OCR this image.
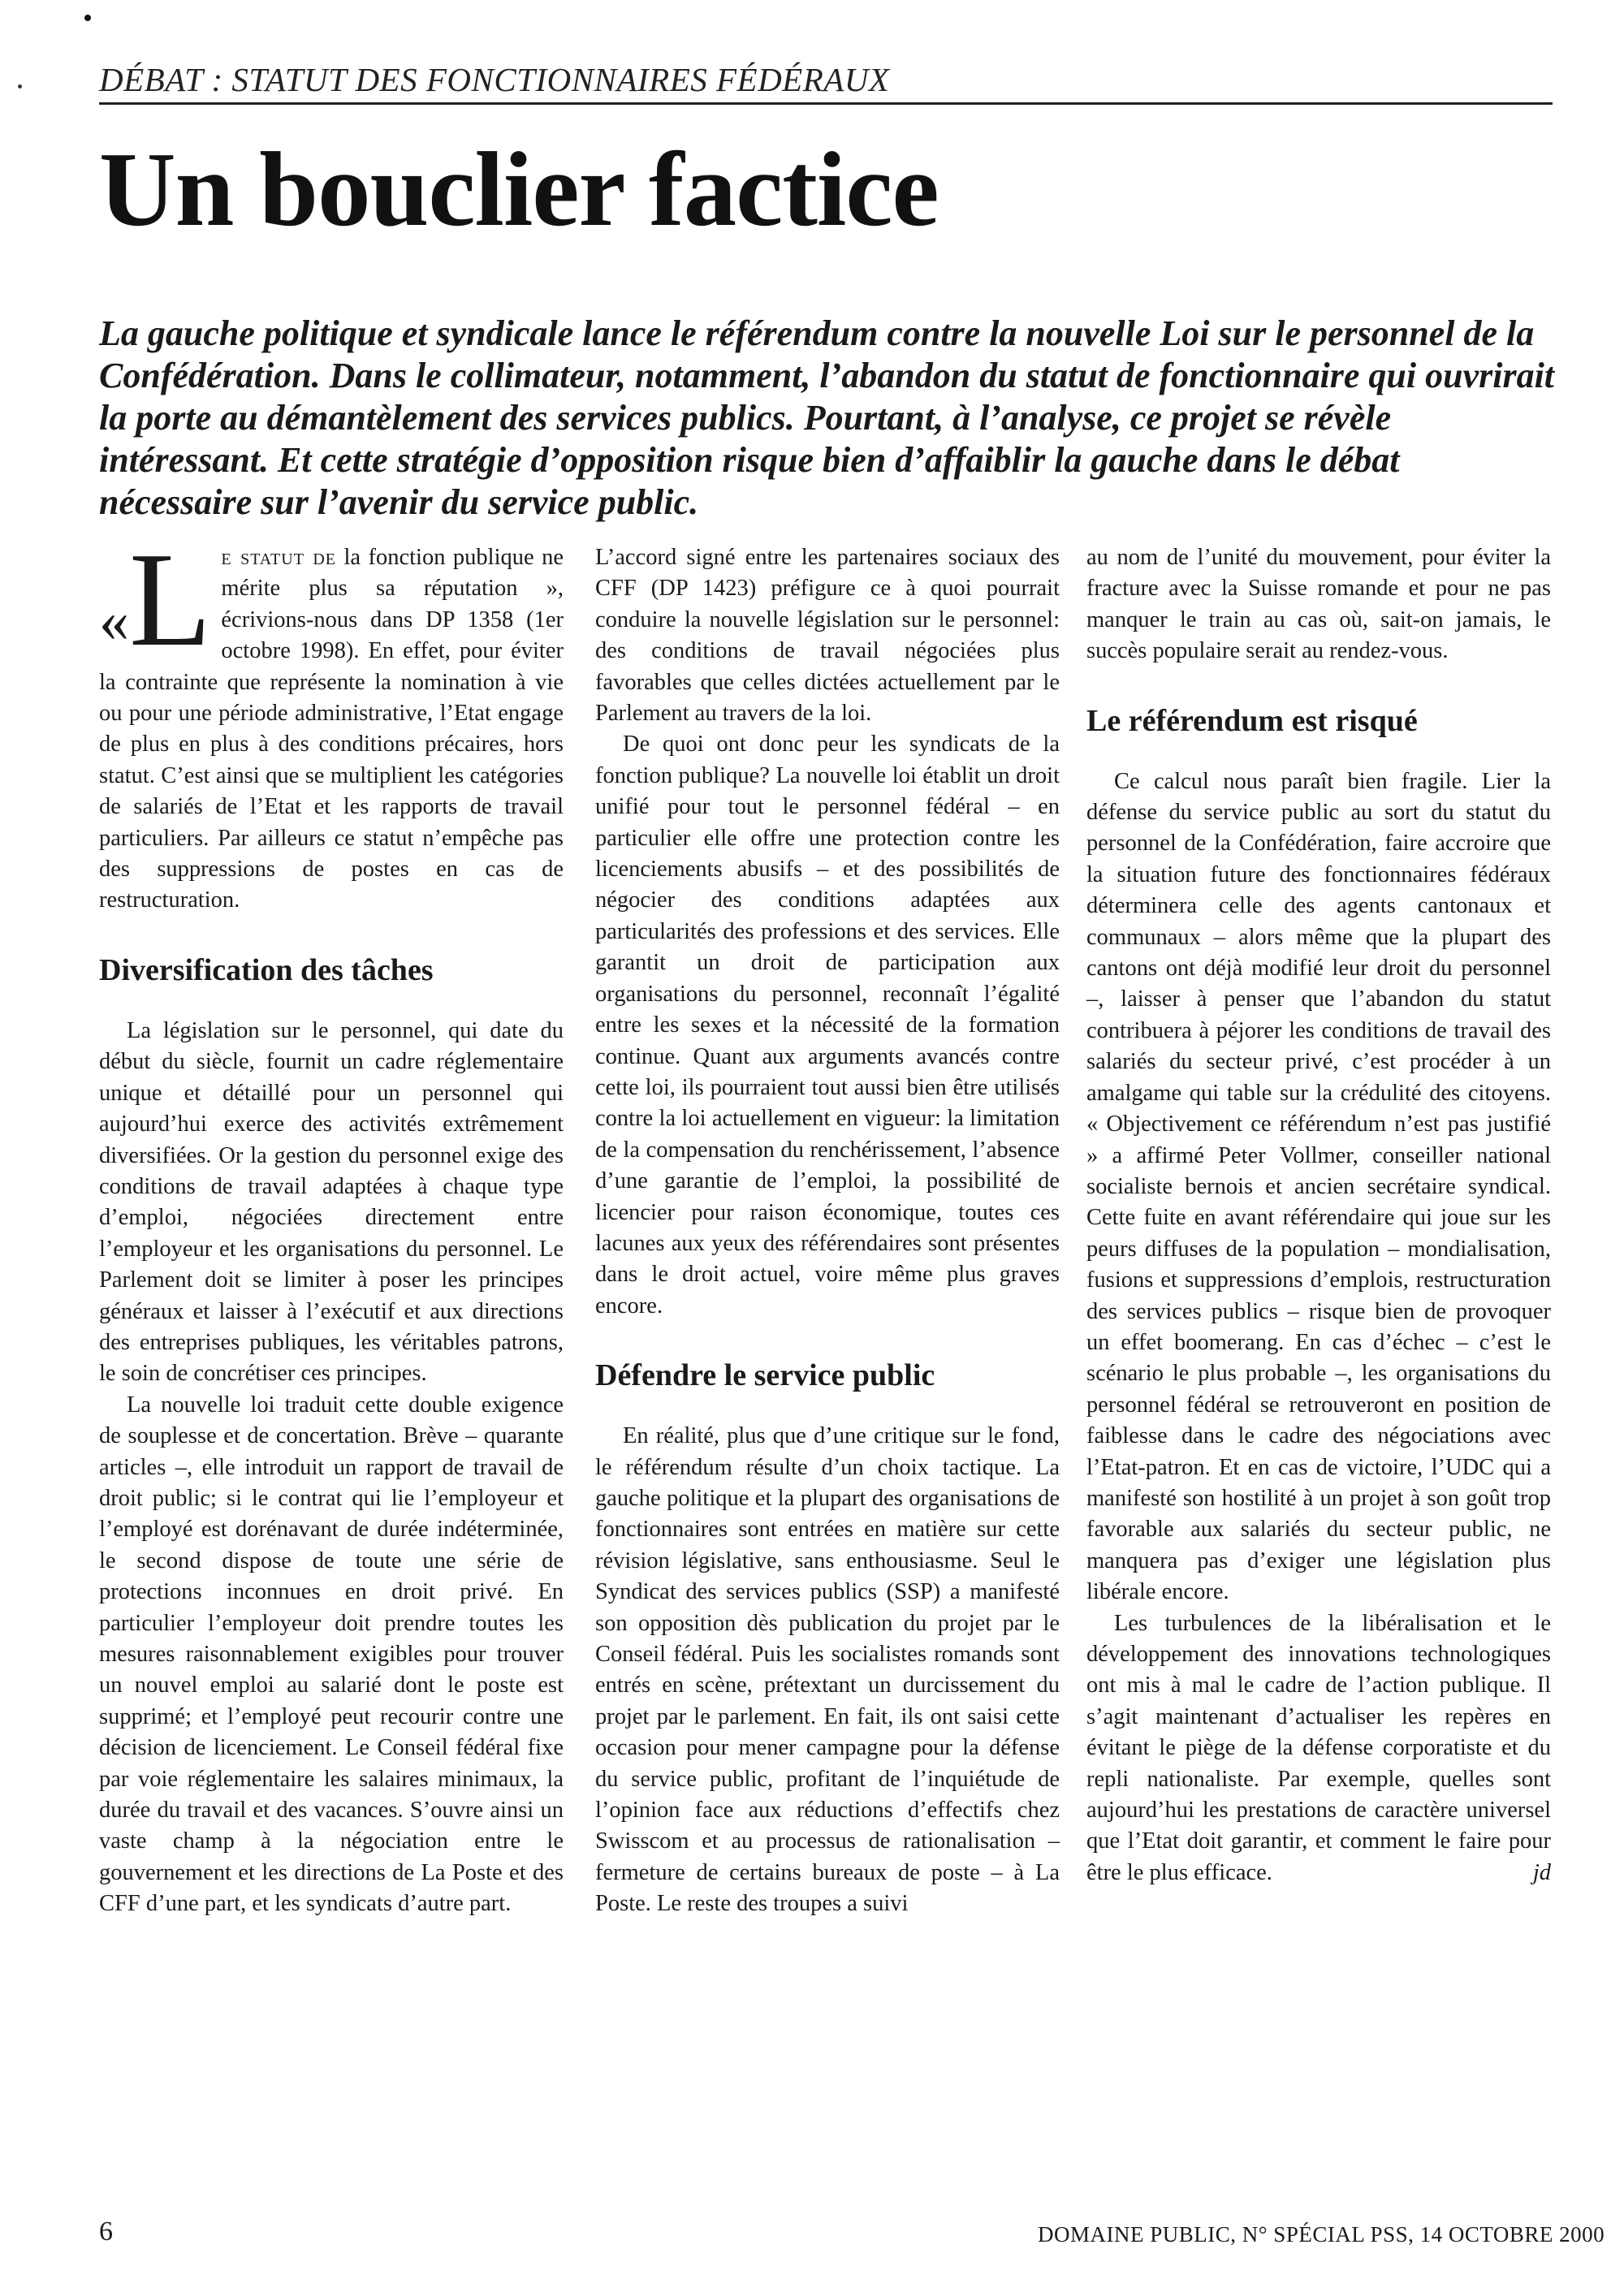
DÉBAT : STATUT DES FONCTIONNAIRES FÉDÉRAUX
Un bouclier factice

La gauche politique et syndicale lance le référendum contre la nouvelle Loi sur le personnel de la Confédération. Dans le collimateur, notamment, l’abandon du statut de fonctionnaire qui ouvrirait la porte au démantèlement des services publics. Pourtant, à l’analyse, ce projet se révèle intéressant. Et cette stratégie d’opposition risque bien d’affaiblir la gauche dans le débat nécessaire sur l’avenir du service public.

« L e statut de la fonction publique ne mérite plus sa réputation », écrivions-nous dans DP 1358 (1er octobre 1998). En effet, pour éviter la contrainte que représente la nomination à vie ou pour une période administrative, l’Etat engage de plus en plus à des conditions précaires, hors statut. C’est ainsi que se multiplient les catégories de salariés de l’Etat et les rapports de travail particuliers. Par ailleurs ce statut n’empêche pas des suppressions de postes en cas de restructuration.

Diversification des tâches

La législation sur le personnel, qui date du début du siècle, fournit un cadre réglementaire unique et détaillé pour un personnel qui aujourd’hui exerce des activités extrêmement diversifiées. Or la gestion du personnel exige des conditions de travail adaptées à chaque type d’emploi, négociées directement entre l’employeur et les organisations du personnel. Le Parlement doit se limiter à poser les principes généraux et laisser à l’exécutif et aux directions des entreprises publiques, les véritables patrons, le soin de concrétiser ces principes.

La nouvelle loi traduit cette double exigence de souplesse et de concertation. Brève – quarante articles –, elle introduit un rapport de travail de droit public; si le contrat qui lie l’employeur et l’employé est dorénavant de durée indéterminée, le second dispose de toute une série de protections inconnues en droit privé. En particulier l’employeur doit prendre toutes les mesures raisonnablement exigibles pour trouver un nouvel emploi au salarié dont le poste est supprimé; et l’employé peut recourir contre une décision de licenciement. Le Conseil fédéral fixe par voie réglementaire les salaires minimaux, la durée du travail et des vacances. S’ouvre ainsi un vaste champ à la négociation entre le gouvernement et les directions de La Poste et des CFF d’une part, et les syndicats d’autre part.

L’accord signé entre les partenaires sociaux des CFF (DP 1423) préfigure ce à quoi pourrait conduire la nouvelle législation sur le personnel: des conditions de travail négociées plus favorables que celles dictées actuellement par le Parlement au travers de la loi.

De quoi ont donc peur les syndicats de la fonction publique? La nouvelle loi établit un droit unifié pour tout le personnel fédéral – en particulier elle offre une protection contre les licenciements abusifs – et des possibilités de négocier des conditions adaptées aux particularités des professions et des services. Elle garantit un droit de participation aux organisations du personnel, reconnaît l’égalité entre les sexes et la nécessité de la formation continue. Quant aux arguments avancés contre cette loi, ils pourraient tout aussi bien être utilisés contre la loi actuellement en vigueur: la limitation de la compensation du renchérissement, l’absence d’une garantie de l’emploi, la possibilité de licencier pour raison économique, toutes ces lacunes aux yeux des référendaires sont présentes dans le droit actuel, voire même plus graves encore.

Défendre le service public

En réalité, plus que d’une critique sur le fond, le référendum résulte d’un choix tactique. La gauche politique et la plupart des organisations de fonctionnaires sont entrées en matière sur cette révision législative, sans enthousiasme. Seul le Syndicat des services publics (SSP) a manifesté son opposition dès publication du projet par le Conseil fédéral. Puis les socialistes romands sont entrés en scène, prétextant un durcissement du projet par le parlement. En fait, ils ont saisi cette occasion pour mener campagne pour la défense du service public, profitant de l’inquiétude de l’opinion face aux réductions d’effectifs chez Swisscom et au processus de rationalisation – fermeture de certains bureaux de poste – à La Poste. Le reste des troupes a suivi

au nom de l’unité du mouvement, pour éviter la fracture avec la Suisse romande et pour ne pas manquer le train au cas où, sait-on jamais, le succès populaire serait au rendez-vous.

Le référendum est risqué

Ce calcul nous paraît bien fragile. Lier la défense du service public au sort du statut du personnel de la Confédération, faire accroire que la situation future des fonctionnaires fédéraux déterminera celle des agents cantonaux et communaux – alors même que la plupart des cantons ont déjà modifié leur droit du personnel –, laisser à penser que l’abandon du statut contribuera à péjorer les conditions de travail des salariés du secteur privé, c’est procéder à un amalgame qui table sur la crédulité des citoyens. « Objectivement ce référendum n’est pas justifié » a affirmé Peter Vollmer, conseiller national socialiste bernois et ancien secrétaire syndical. Cette fuite en avant référendaire qui joue sur les peurs diffuses de la population – mondialisation, fusions et suppressions d’emplois, restructuration des services publics – risque bien de provoquer un effet boomerang. En cas d’échec – c’est le scénario le plus probable –, les organisations du personnel fédéral se retrouveront en position de faiblesse dans le cadre des négociations avec l’Etat-patron. Et en cas de victoire, l’UDC qui a manifesté son hostilité à un projet à son goût trop favorable aux salariés du secteur public, ne manquera pas d’exiger une législation plus libérale encore.

Les turbulences de la libéralisation et le développement des innovations technologiques ont mis à mal le cadre de l’action publique. Il s’agit maintenant d’actualiser les repères en évitant le piège de la défense corporatiste et du repli nationaliste. Par exemple, quelles sont aujourd’hui les prestations de caractère universel que l’Etat doit garantir, et comment le faire pour être le plus efficace.	jd

6	DOMAINE PUBLIC, N° SPÉCIAL PSS, 14 OCTOBRE 2000
